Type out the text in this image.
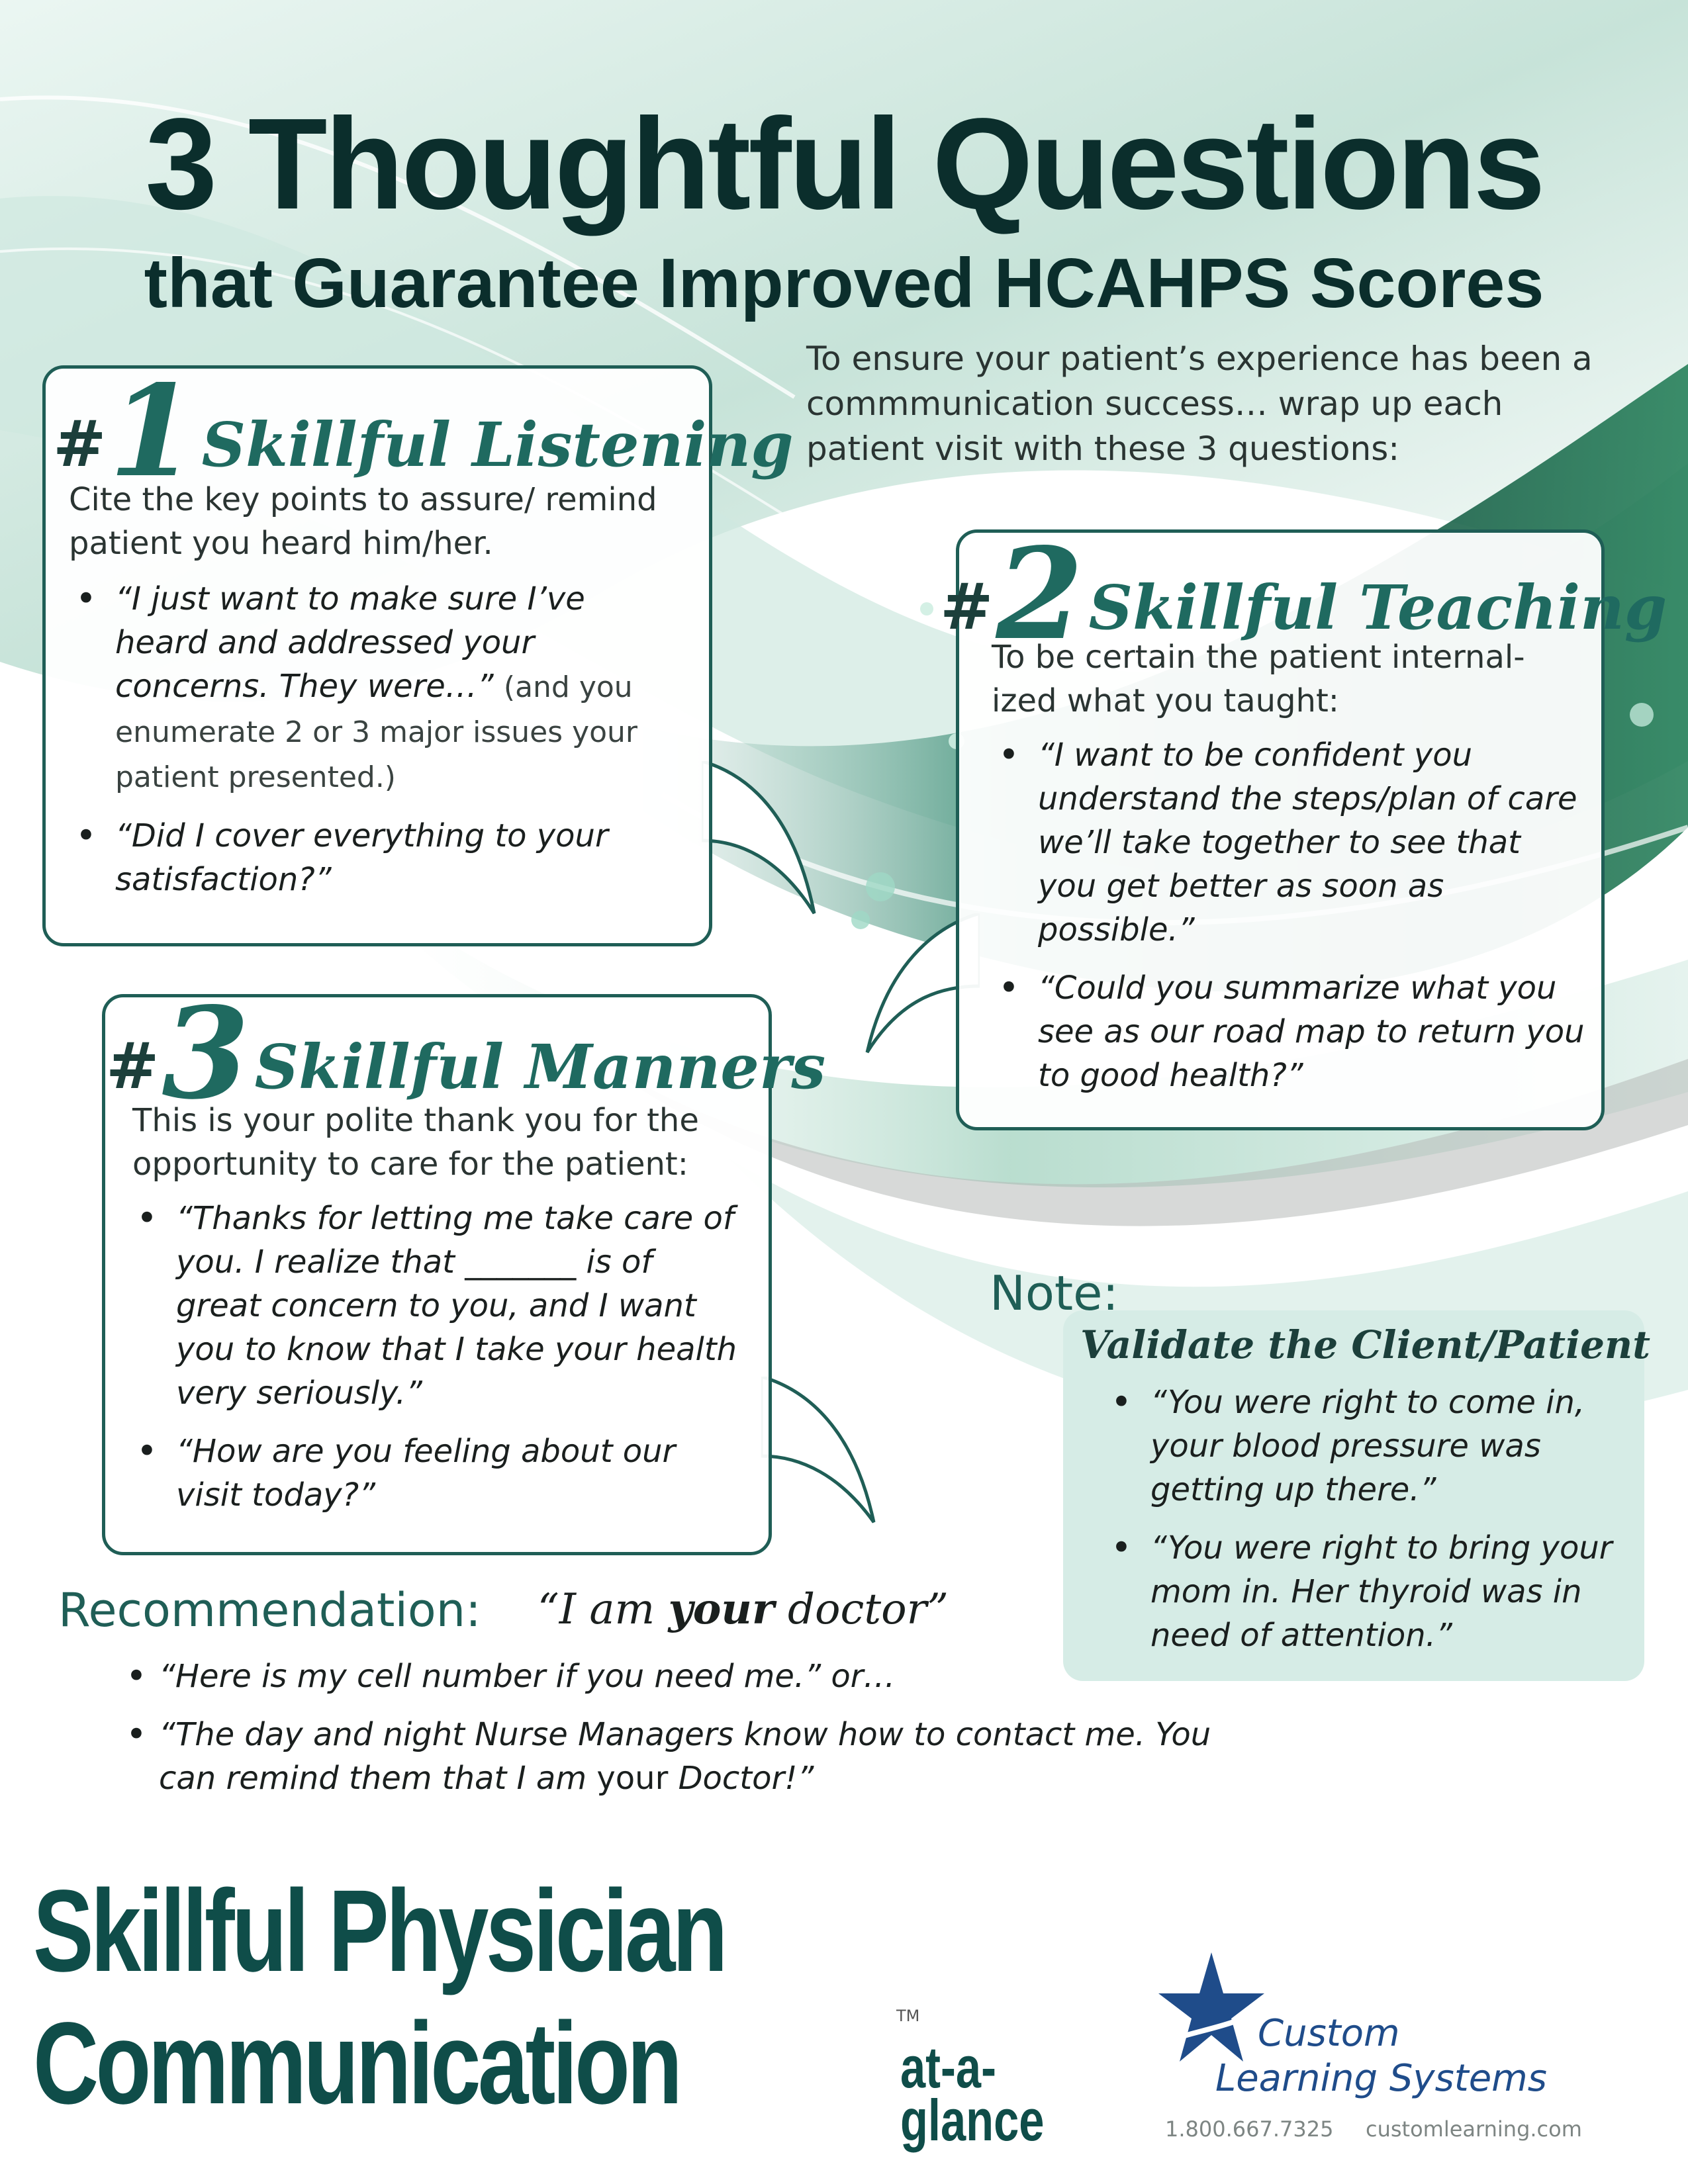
3 Thoughtful Questions
that Guarantee Improved HCAHPS Scores
To ensure your patient’s experience has been a commmunication success… wrap up each patient visit with these 3 questions:
#1Skillful Listening
Cite the key points to assure/ remind patient you heard him/her.
• “I just want to make sure I’ve heard and addressed your concerns. They were…” (and you enumerate 2 or 3 major issues your patient presented.)
• “Did I cover everything to your satisfaction?”
#2Skillful Teaching
To be certain the patient internal- ized what you taught:
• “I want to be confident you understand the steps/plan of care we’ll take together to see that you get better as soon as possible.”
• “Could you summarize what you see as our road map to return you to good health?”
#3Skillful Manners
This is your polite thank you for the opportunity to care for the patient:
• “Thanks for letting me take care of you. I realize that _______ is of great concern to you, and I want you to know that I take your health very seriously.”
• “How are you feeling about our visit today?”
Note:
Validate the Client/Patient
• “You were right to come in, your blood pressure was getting up there.”
• “You were right to bring your mom in. Her thyroid was in need of attention.”
Recommendation: “I am your doctor”
• “Here is my cell number if you need me.” or…
• “The day and night Nurse Managers know how to contact me. You can remind them that I am your Doctor!”
Skillful Physician
Communication	TM
at-a-
glance
Custom
Learning Systems
1.800.667.7325 customlearning.com
